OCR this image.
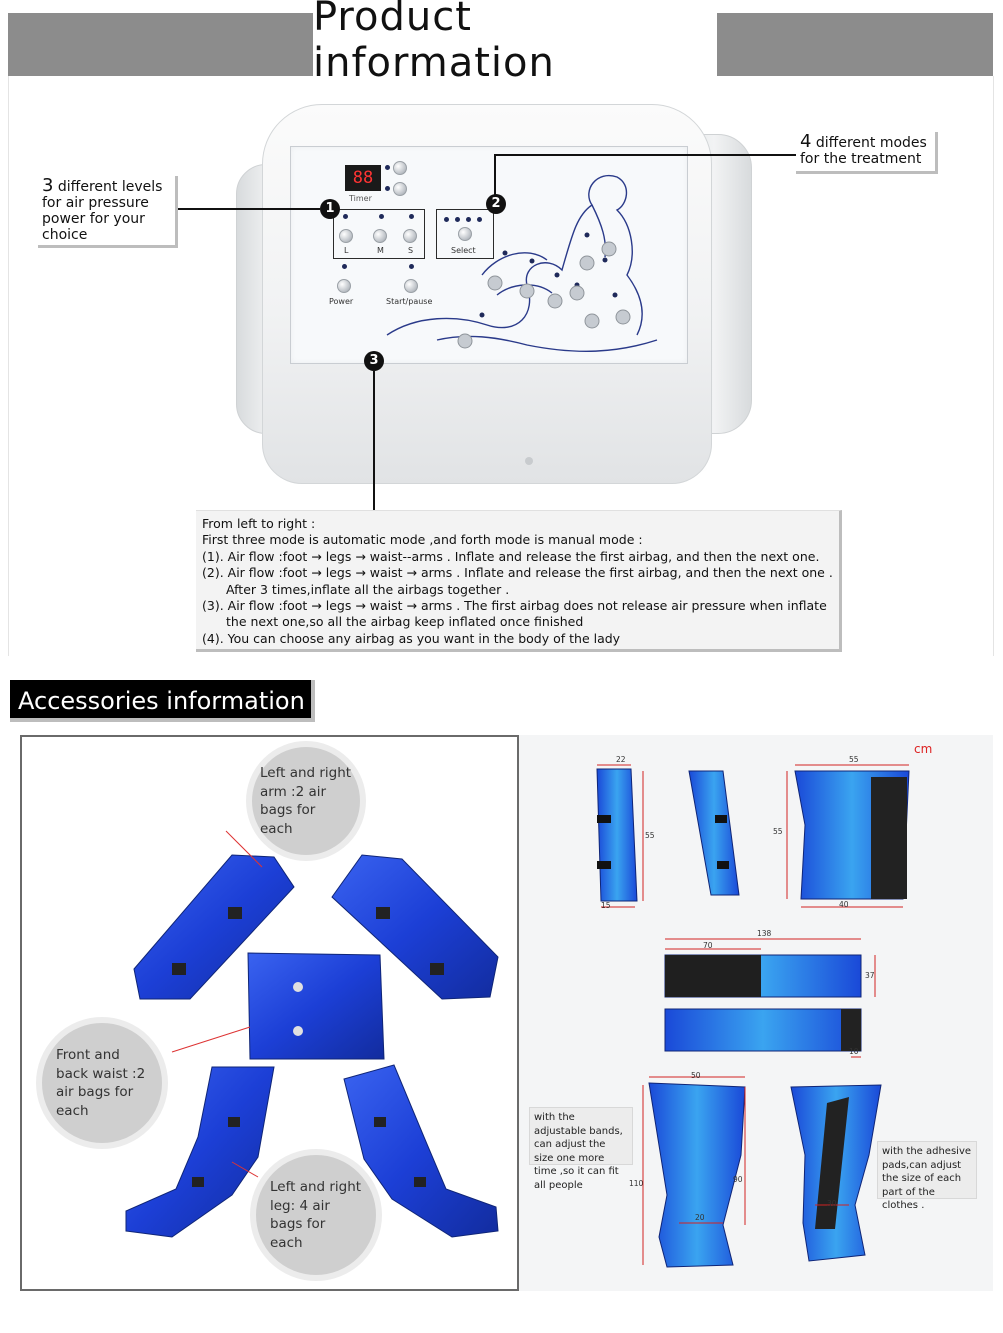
Product information
88
Timer
L	M	S	Select
Power	Start/pause
3 different levels
for air pressure
power for your
choice
1
4 different modes
for the treatment
2
3

From left to right :

First three mode is automatic mode ,and forth mode is manual mode :

(1). Air flow :foot → legs → waist--arms . Inflate and release the first airbag, and then the next one.

(2). Air flow :foot → legs → waist → arms . Inflate and release the first airbag, and then the next one .

After 3 times,inflate all the airbags together .

(3). Air flow :foot → legs → waist → arms . The first airbag does not release air pressure when inflate

the next one,so all the airbag keep inflated once finished

(4). You can choose any airbag as you want in the body of the lady

Accessories information
Left and right arm :2 air bags for each
Front and back waist :2 air bags for each
Left and right leg: 4 air bags for each
22
55
15
55
55
40
138
70
37
10
50
110	90
20
30
with the adjustable bands, can adjust the size one more time ,so it can fit all people
with the adhesive pads,can adjust the size of each part of the clothes .
cm
